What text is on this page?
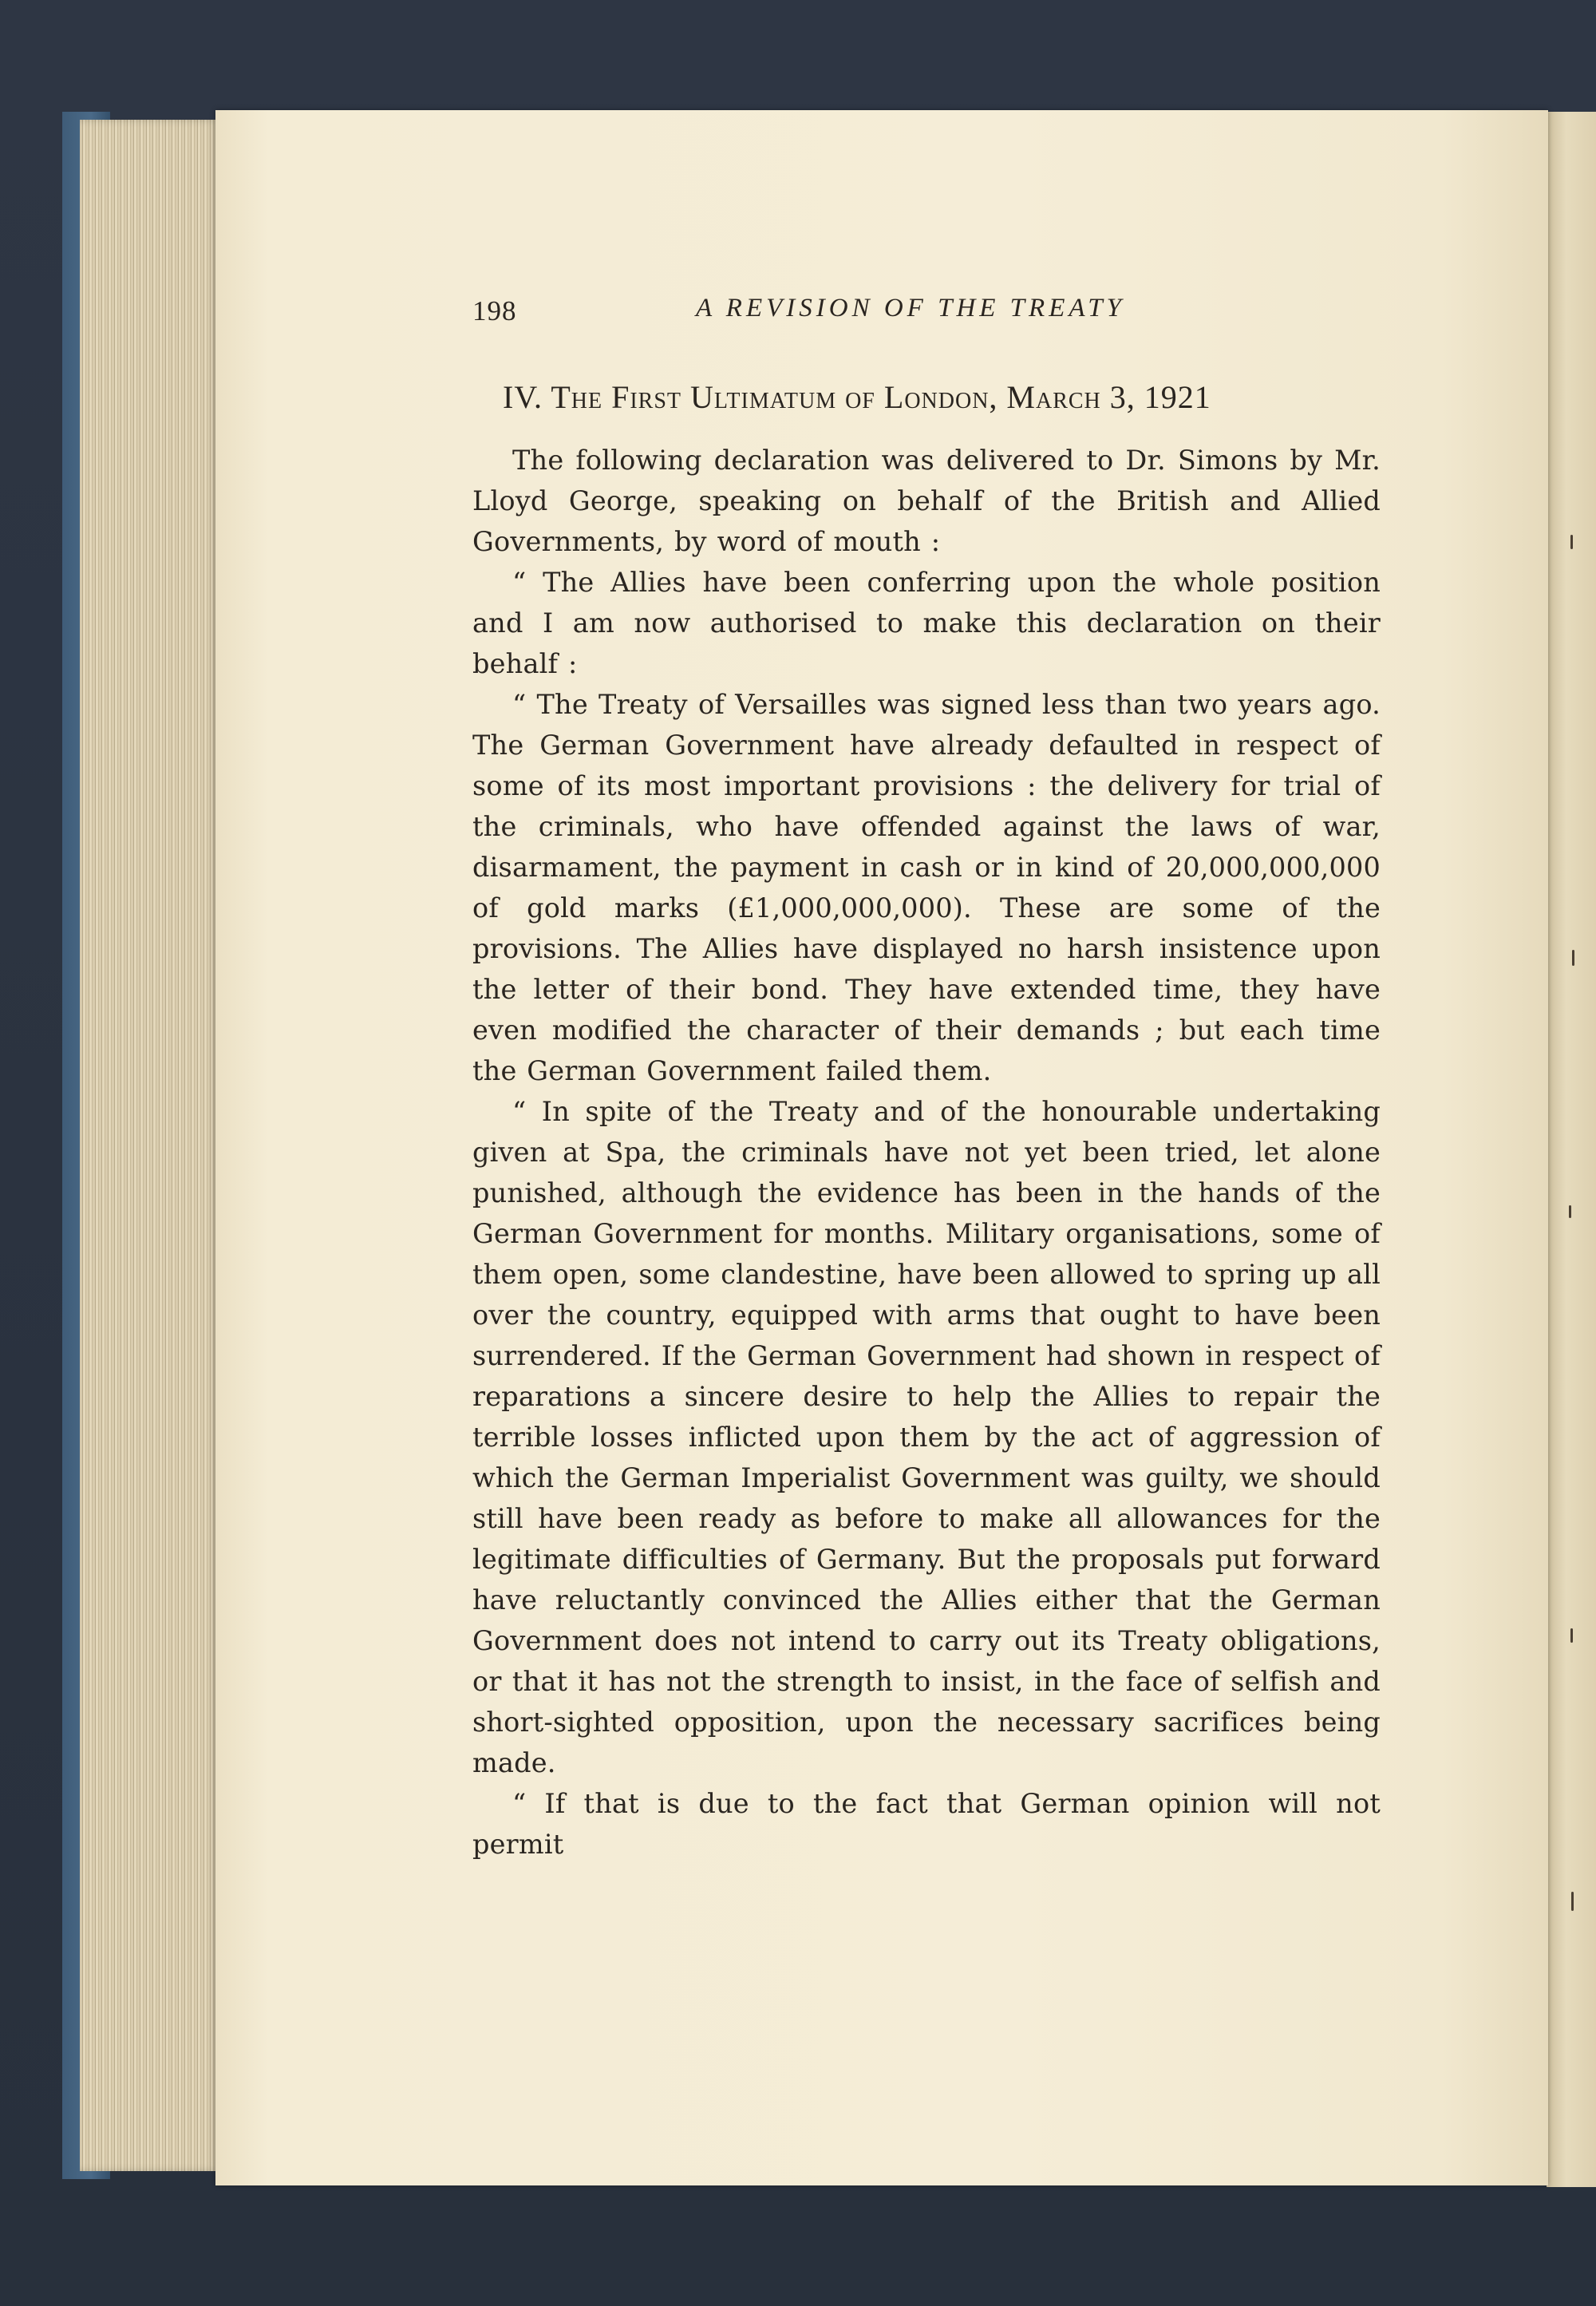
198	A REVISION OF THE TREATY
IV. The First Ultimatum of London, March 3, 1921

The following declaration was delivered to Dr. Simons by Mr. Lloyd George, speaking on behalf of the British and Allied Governments, by word of mouth :

“ The Allies have been conferring upon the whole position and I am now authorised to make this declaration on their behalf :

“ The Treaty of Versailles was signed less than two years ago. The German Government have already defaulted in respect of some of its most important provisions : the delivery for trial of the criminals, who have offended against the laws of war, disarmament, the payment in cash or in kind of 20,000,000,000 of gold marks (£1,000,000,000). These are some of the provisions. The Allies have displayed no harsh insistence upon the letter of their bond. They have extended time, they have even modified the character of their demands ; but each time the German Government failed them.

“ In spite of the Treaty and of the honourable undertaking given at Spa, the criminals have not yet been tried, let alone punished, although the evidence has been in the hands of the German Government for months. Military organisations, some of them open, some clandestine, have been allowed to spring up all over the country, equipped with arms that ought to have been surrendered. If the German Government had shown in respect of reparations a sincere desire to help the Allies to repair the terrible losses inflicted upon them by the act of aggression of which the German Imperialist Government was guilty, we should still have been ready as before to make all allowances for the legitimate difficulties of Germany. But the proposals put forward have reluctantly convinced the Allies either that the German Government does not intend to carry out its Treaty obligations, or that it has not the strength to insist, in the face of selfish and short-sighted opposition, upon the necessary sacrifices being made.

“ If that is due to the fact that German opinion will not permit
